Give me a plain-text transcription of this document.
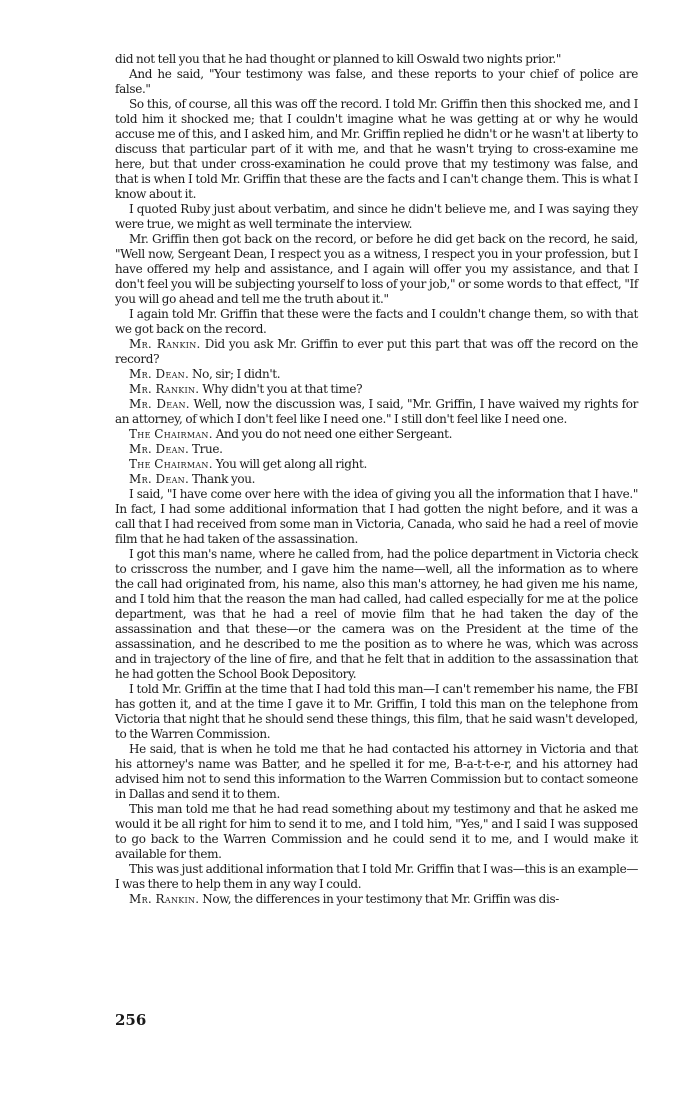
did not tell you that he had thought or planned to kill Oswald two nights prior."

And he said, "Your testimony was false, and these reports to your chief of police are false."

So this, of course, all this was off the record. I told Mr. Griffin then this shocked me, and I told him it shocked me; that I couldn't imagine what he was getting at or why he would accuse me of this, and I asked him, and Mr. Griffin replied he didn't or he wasn't at liberty to discuss that particular part of it with me, and that he wasn't trying to cross-examine me here, but that under cross-examination he could prove that my testimony was false, and that is when I told Mr. Griffin that these are the facts and I can't change them. This is what I know about it.

I quoted Ruby just about verbatim, and since he didn't believe me, and I was saying they were true, we might as well terminate the interview.

Mr. Griffin then got back on the record, or before he did get back on the record, he said, "Well now, Sergeant Dean, I respect you as a witness, I respect you in your profession, but I have offered my help and assistance, and I again will offer you my assistance, and that I don't feel you will be subjecting yourself to loss of your job," or some words to that effect, "If you will go ahead and tell me the truth about it."

I again told Mr. Griffin that these were the facts and I couldn't change them, so with that we got back on the record.

Mr. Rankin. Did you ask Mr. Griffin to ever put this part that was off the record on the record?

Mr. Dean. No, sir; I didn't.

Mr. Rankin. Why didn't you at that time?

Mr. Dean. Well, now the discussion was, I said, "Mr. Griffin, I have waived my rights for an attorney, of which I don't feel like I need one." I still don't feel like I need one.

The Chairman. And you do not need one either Sergeant.

Mr. Dean. True.

The Chairman. You will get along all right.

Mr. Dean. Thank you.

I said, "I have come over here with the idea of giving you all the information that I have." In fact, I had some additional information that I had gotten the night before, and it was a call that I had received from some man in Victoria, Canada, who said he had a reel of movie film that he had taken of the assassination.

I got this man's name, where he called from, had the police department in Victoria check to crisscross the number, and I gave him the name—well, all the information as to where the call had originated from, his name, also this man's attorney, he had given me his name, and I told him that the reason the man had called, had called especially for me at the police department, was that he had a reel of movie film that he had taken the day of the assassination and that these—or the camera was on the President at the time of the assassination, and he described to me the position as to where he was, which was across and in trajectory of the line of fire, and that he felt that in addition to the assassination that he had gotten the School Book Depository.

I told Mr. Griffin at the time that I had told this man—I can't remember his name, the FBI has gotten it, and at the time I gave it to Mr. Griffin, I told this man on the telephone from Victoria that night that he should send these things, this film, that he said wasn't developed, to the Warren Commission.

He said, that is when he told me that he had contacted his attorney in Victoria and that his attorney's name was Batter, and he spelled it for me, B-a-t-t-e-r, and his attorney had advised him not to send this information to the Warren Commission but to contact someone in Dallas and send it to them.

This man told me that he had read something about my testimony and that he asked me would it be all right for him to send it to me, and I told him, "Yes," and I said I was supposed to go back to the Warren Commission and he could send it to me, and I would make it available for them.

This was just additional information that I told Mr. Griffin that I was—this is an example—I was there to help them in any way I could.

Mr. Rankin. Now, the differences in your testimony that Mr. Griffin was dis-

256
